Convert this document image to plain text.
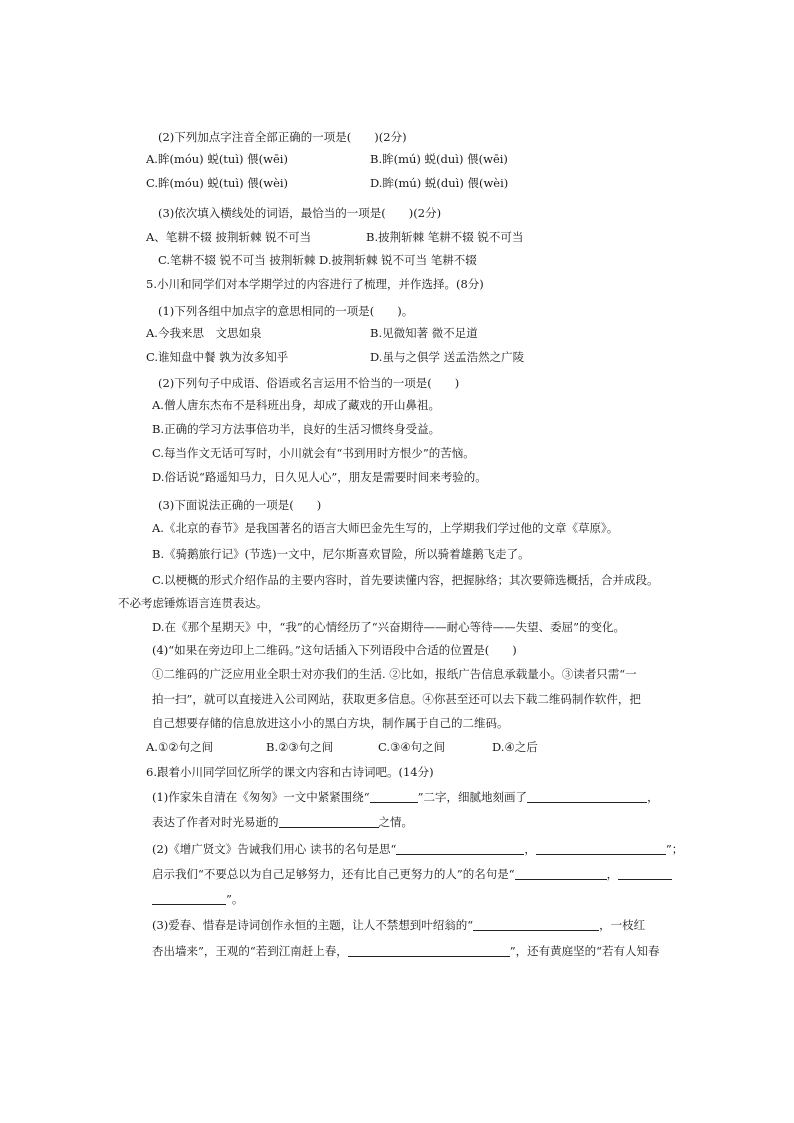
(2)下列加点字注音全部正确的一项是(　　)(2分)
A.眸(móu) 蜕(tuì) 偎(wēi)	B.眸(mú) 蜕(duì) 偎(wēi)
C.眸(móu) 蜕(tuì) 偎(wèi)	D.眸(mú) 蜕(duì) 偎(wèi)
(3)依次填入横线处的词语，最恰当的一项是(　　)(2分)
A、笔耕不辍 披荆斩棘 锐不可当	B.披荆斩棘 笔耕不辍 锐不可当
C.笔耕不辍 锐不可当 披荆斩棘 D.披荆斩棘 锐不可当 笔耕不辍
5.小川和同学们对本学期学过的内容进行了梳理，并作选择。(8分)
(1)下列各组中加点字的意思相同的一项是(　　)。
A.今我来思　文思如泉	B.见微知著 微不足道
C.谁知盘中餐 孰为汝多知乎	D.虽与之俱学 送孟浩然之广陵
(2)下列句子中成语、俗语或名言运用不恰当的一项是(　　)
A.僧人唐东杰布不是科班出身，却成了藏戏的开山鼻祖。
B.正确的学习方法事倍功半，良好的生活习惯终身受益。
C.每当作文无话可写时，小川就会有“书到用时方恨少”的苦恼。
D.俗话说“路遥知马力，日久见人心”，朋友是需要时间来考验的。
(3)下面说法正确的一项是(　　)
A.《北京的春节》是我国著名的语言大师巴金先生写的，上学期我们学过他的文章《草原》。
B.《骑鹅旅行记》(节选)一文中，尼尔斯喜欢冒险，所以骑着雄鹅飞走了。
C.以梗概的形式介绍作品的主要内容时，首先要读懂内容，把握脉络；其次要筛选概括，合并成段。
不必考虑锤炼语言连贯表达。
D.在《那个星期天》中，“我”的心情经历了“兴奋期待——耐心等待——失望、委屈”的变化。
(4)“如果在旁边印上二维码。”这句话插入下列语段中合适的位置是(　　)
①二维码的广泛应用业全职士对亦我们的生活. ②比如，报纸广告信息承载量小。③读者只需“一
拍一扫”，就可以直接进入公司网站，获取更多信息。④你甚至还可以去下载二维码制作软件，把
自己想要存储的信息放进这小小的黑白方块，制作属于自己的二维码。
A.①②句之间	B.②③句之间	C.③④句之间	D.④之后
6.跟着小川同学回忆所学的课文内容和古诗词吧。(14分)
(1)作家朱自清在《匆匆》一文中紧紧围绕“	”二字，细腻地刻画了	，
表达了作者对时光易逝的	之情。
(2)《增广贤文》告诫我们用心 读书的名句是思“	，	”；
启示我们“不要总以为自己足够努力，还有比自己更努力的人”的名句是“	，
”。
(3)爱春、惜春是诗词创作永恒的主题，让人不禁想到叶绍翁的“	，一枝红
杏出墙来”，王观的“若到江南赶上春，	”，还有黄庭坚的“若有人知春
